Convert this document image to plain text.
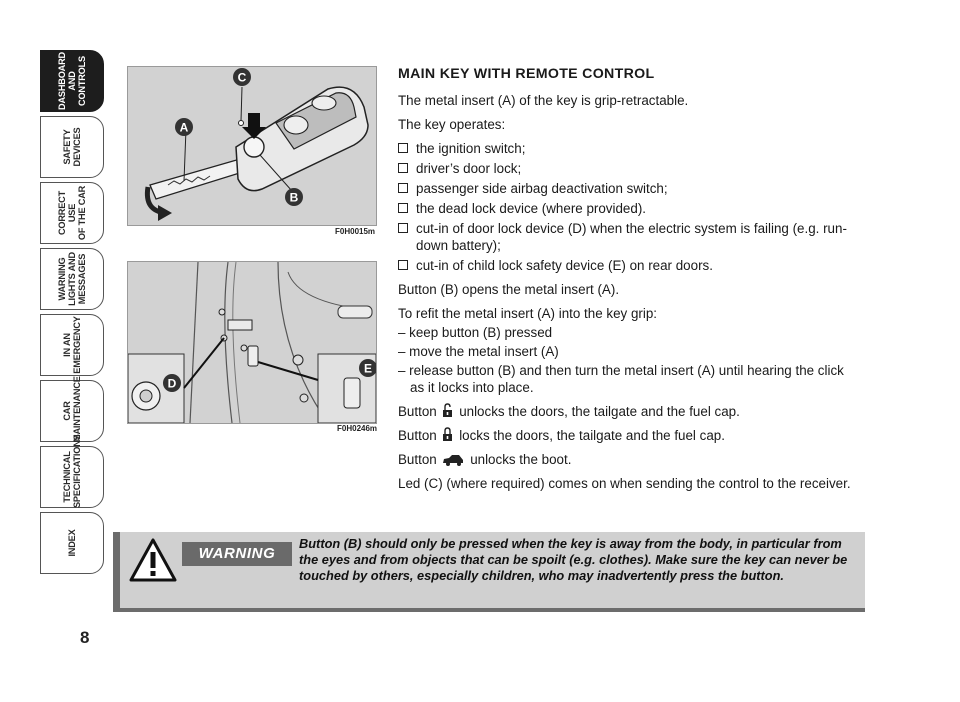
DASHBOARD
AND CONTROLS
SAFETY
DEVICES
CORRECT USE
OF THE CAR
WARNING
LIGHTS AND
MESSAGES
IN AN
EMERGENCY
CAR
MAINTENANCE
TECHNICAL
SPECIFICATIONS
INDEX
8
A
C
B
F0H0015m
D
E
F0H0246m
MAIN KEY WITH REMOTE CONTROL

The metal insert (A) of the key is grip-retractable.

The key operates:

the ignition switch;
driver’s door lock;
passenger side airbag deactivation switch;
the dead lock device (where provided).
cut-in of door lock device (D) when the electric system is failing (e.g. run-down battery);
cut-in of child lock safety device (E) on rear doors.

Button (B) opens the metal insert (A).

To refit the metal insert (A) into the key grip:

– keep button (B) pressed
– move the metal insert (A)
– release button (B) and then turn the metal insert (A) until hearing the click as it locks into place.

Button unlocks the doors, the tailgate and the fuel cap.

Button locks the doors, the tailgate and the fuel cap.

Button unlocks the boot.

Led (C) (where required) comes on when sending the control to the receiver.

WARNING
Button (B) should only be pressed when the key is away from the body, in particular from the eyes and from objects that can be spoilt (e.g. clothes). Make sure the key can never be touched by others, especially children, who may inadvertently press the button.
